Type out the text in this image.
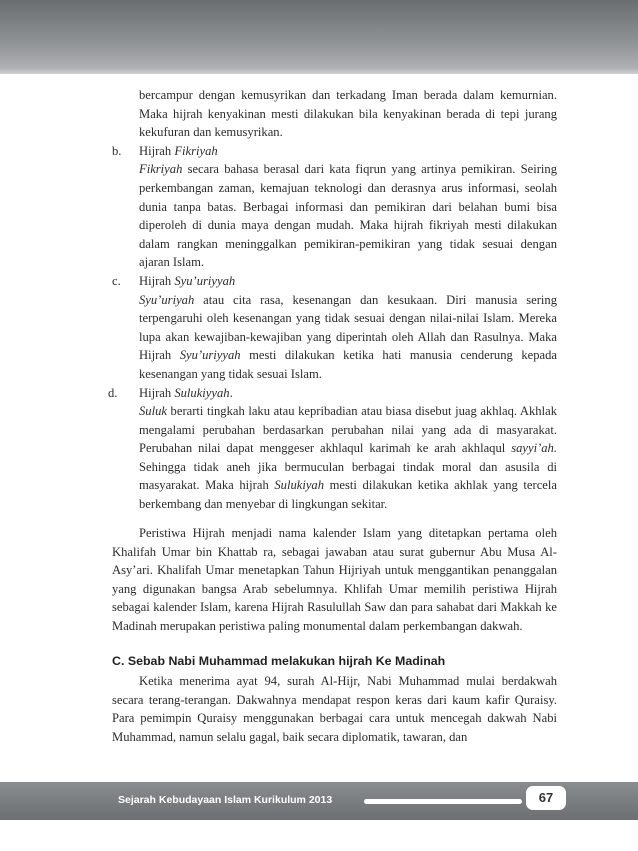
bercampur dengan kemusyrikan dan terkadang Iman berada dalam kemurnian. Maka hijrah kenyakinan mesti dilakukan bila kenyakinan berada di tepi jurang kekufuran dan kemusyrikan.

b. Hijrah Fikriyah

Fikriyah secara bahasa berasal dari kata fiqrun yang artinya pemikiran. Seiring perkembangan zaman, kemajuan teknologi dan derasnya arus informasi, seolah dunia tanpa batas. Berbagai informasi dan pemikiran dari belahan bumi bisa diperoleh di dunia maya dengan mudah. Maka hijrah fikriyah mesti dilakukan dalam rangkan meninggalkan pemikiran-pemikiran yang tidak sesuai dengan ajaran Islam.

c. Hijrah Syu’uriyyah

Syu’uriyah atau cita rasa, kesenangan dan kesukaan. Diri manusia sering terpengaruhi oleh kesenangan yang tidak sesuai dengan nilai-nilai Islam. Mereka lupa akan kewajiban-kewajiban yang diperintah oleh Allah dan Rasulnya. Maka Hijrah Syu’uriyyah mesti dilakukan ketika hati manusia cenderung kepada kesenangan yang tidak sesuai Islam.

d. Hijrah Sulukiyyah.

Suluk berarti tingkah laku atau kepribadian atau biasa disebut juag akhlaq. Akhlak mengalami perubahan berdasarkan perubahan nilai yang ada di masyarakat. Perubahan nilai dapat menggeser akhlaqul karimah ke arah akhlaqul sayyi’ah. Sehingga tidak aneh jika bermuculan berbagai tindak moral dan asusila di masyarakat. Maka hijrah Sulukiyah mesti dilakukan ketika akhlak yang tercela berkembang dan menyebar di lingkungan sekitar.

Peristiwa Hijrah menjadi nama kalender Islam yang ditetapkan pertama oleh Khalifah Umar bin Khattab ra, sebagai jawaban atau surat gubernur Abu Musa Al-Asy’ari. Khalifah Umar menetapkan Tahun Hijriyah untuk menggantikan penanggalan yang digunakan bangsa Arab sebelumnya. Khlifah Umar memilih peristiwa Hijrah sebagai kalender Islam, karena Hijrah Rasulullah Saw dan para sahabat dari Makkah ke Madinah merupakan peristiwa paling monumental dalam perkembangan dakwah.

C. Sebab Nabi Muhammad melakukan hijrah Ke Madinah

Ketika menerima ayat 94, surah Al-Hijr, Nabi Muhammad mulai berdakwah secara terang-terangan. Dakwahnya mendapat respon keras dari kaum kafir Quraisy. Para pemimpin Quraisy menggunakan berbagai cara untuk mencegah dakwah Nabi Muhammad, namun selalu gagal, baik secara diplomatik, tawaran, dan

Sejarah Kebudayaan Islam Kurikulum 2013	67
